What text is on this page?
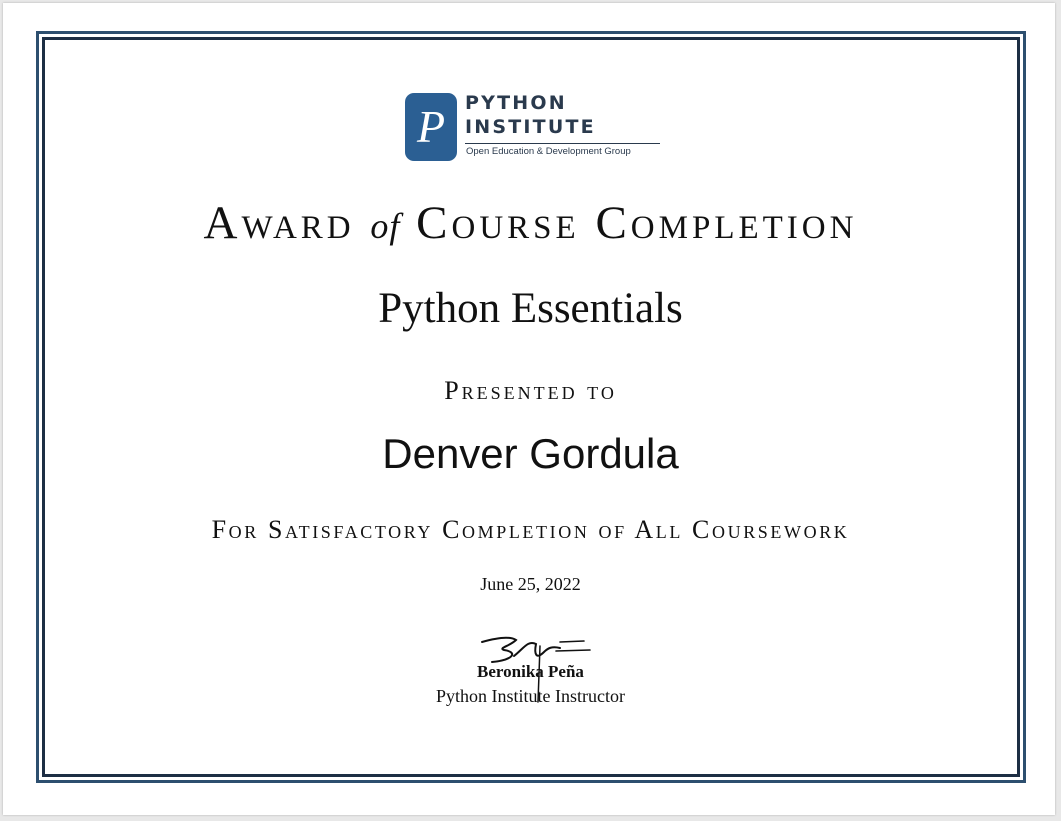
P PYTHON
INSTITUTE
Open Education & Development Group
Award of Course Completion
Python Essentials
Presented to
Denver Gordula
For Satisfactory Completion of All Coursework
June 25, 2022
Beronika Peña
Python Institute Instructor
